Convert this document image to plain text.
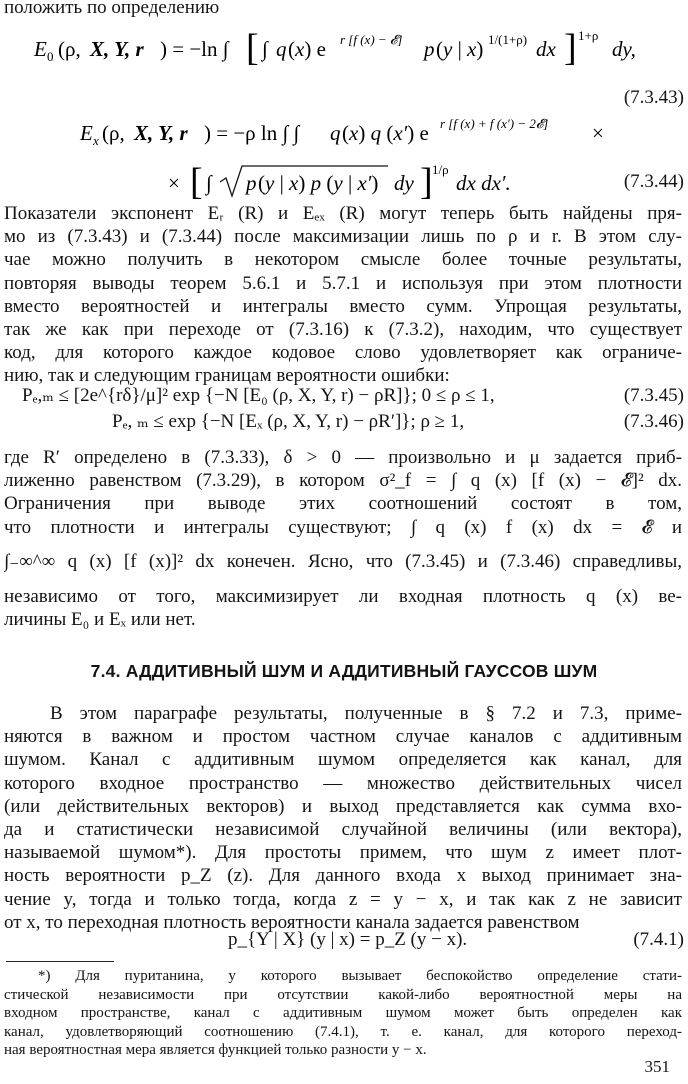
положить по определению
E 0 (ρ, X, Y, r ) = −ln ∫ [ ∫ q (x) e r [f (x) − 𝓔] p (y | x) 1/(1+ρ) dx ] 1+ρ
dy,
(7.3.43)
E x (ρ, X, Y, r ) = −ρ ln ∫ ∫ q (x) q (x′) e r [f (x) + f (x′) − 2𝓔] ×
× [ ∫ p (y | x) p (y | x′) dy ] 1/ρ
dx dx′.	(7.3.44)
Показатели экспонент Eᵣ (R) и Eₑₓ (R) могут теперь быть найдены пря-
мо из (7.3.43) и (7.3.44) после максимизации лишь по ρ и r. В этом слу-
чае можно получить в некотором смысле более точные результаты,
повторяя выводы теорем 5.6.1 и 5.7.1 и используя при этом плотности
вместо вероятностей и интегралы вместо сумм. Упрощая результаты,
так же как при переходе от (7.3.16) к (7.3.2), находим, что существует
код, для которого каждое кодовое слово удовлетворяет как ограниче-
нию, так и следующим границам вероятности ошибки:
Pₑ,ₘ ≤ [2e^{rδ}/μ]² exp {−N [E₀ (ρ, X, Y, r) − ρR]}; 0 ≤ ρ ≤ 1,	(7.3.45)
Pₑ, ₘ ≤ exp {−N [Eₓ (ρ, X, Y, r) − ρR′]}; ρ ≥ 1,	(7.3.46)
где R′ определено в (7.3.33), δ > 0 — произвольно и μ задается приб-
лиженно равенством (7.3.29), в котором σ²_f = ∫ q (x) [f (x) − 𝓔]² dx.
Ограничения при выводе этих соотношений состоят в том,
что плотности и интегралы существуют; ∫ q (x) f (x) dx = 𝓔 и
∫₋∞^∞ q (x) [f (x)]² dx конечен. Ясно, что (7.3.45) и (7.3.46) справедливы,
независимо от того, максимизирует ли входная плотность q (x) ве-
личины E₀ и Eₓ или нет.
7.4. АДДИТИВНЫЙ ШУМ И АДДИТИВНЫЙ ГАУССОВ ШУМ
В этом параграфе результаты, полученные в § 7.2 и 7.3, приме-
няются в важном и простом частном случае каналов с аддитивным
шумом. Канал с аддитивным шумом определяется как канал, для
которого входное пространство — множество действительных чисел
(или действительных векторов) и выход представляется как сумма вхо-
да и статистически независимой случайной величины (или вектора),
называемой шумом*). Для простоты примем, что шум z имеет плот-
ность вероятности p_Z (z). Для данного входа x выход принимает зна-
чение y, тогда и только тогда, когда z = y − x, и так как z не зависит
от x, то переходная плотность вероятности канала задается равенством
p_{Y | X} (y | x) = p_Z (y − x).	(7.4.1)
*) Для пуританина, у которого вызывает беспокойство определение стати-
стической независимости при отсутствии какой-либо вероятностной меры на
входном пространстве, канал с аддитивным шумом может быть определен как
канал, удовлетворяющий соотношению (7.4.1), т. е. канал, для которого переход-
ная вероятностная мера является функцией только разности y − x.
351
